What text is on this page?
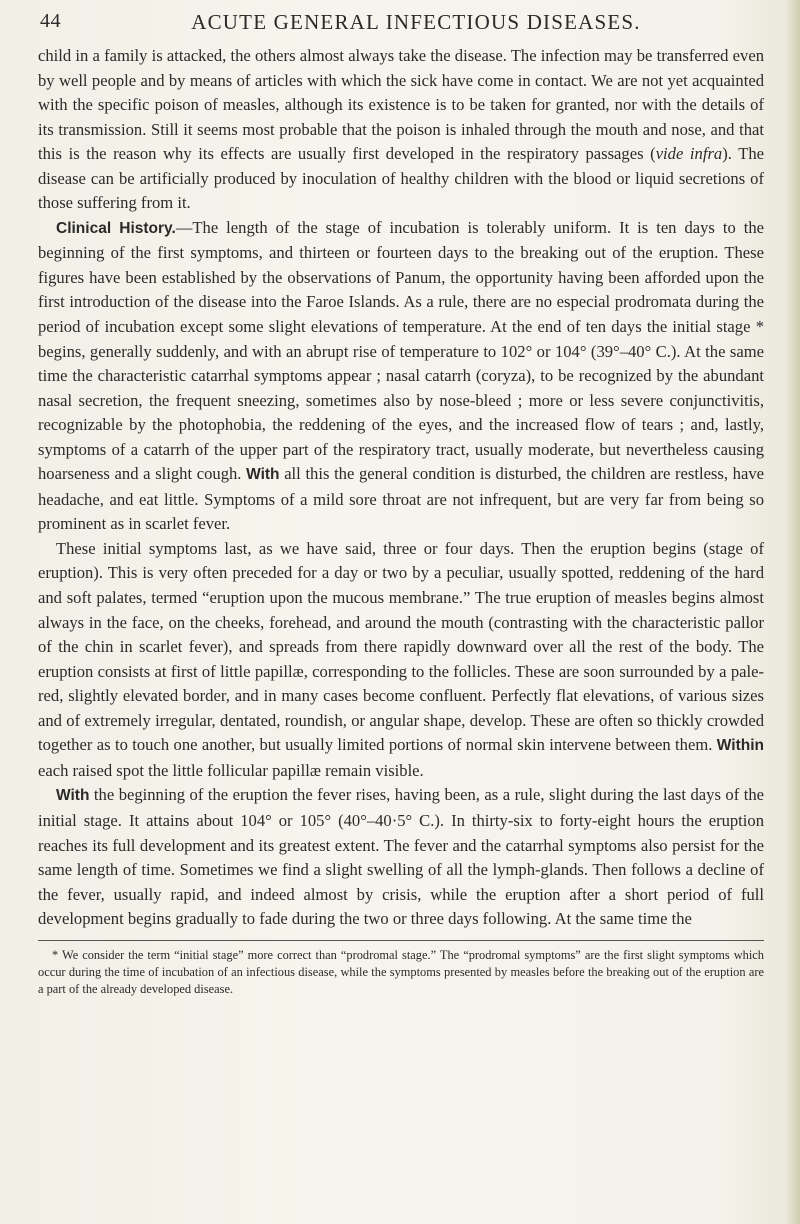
44	ACUTE GENERAL INFECTIOUS DISEASES.

child in a family is attacked, the others almost always take the disease. The infection may be transferred even by well people and by means of articles with which the sick have come in contact. We are not yet acquainted with the specific poison of measles, although its existence is to be taken for granted, nor with the details of its transmission. Still it seems most probable that the poison is inhaled through the mouth and nose, and that this is the reason why its effects are usually first developed in the respiratory passages (vide infra). The disease can be artificially produced by inoculation of healthy children with the blood or liquid secretions of those suffering from it.

Clinical History.—The length of the stage of incubation is tolerably uniform. It is ten days to the beginning of the first symptoms, and thirteen or fourteen days to the breaking out of the eruption. These figures have been established by the observations of Panum, the opportunity having been afforded upon the first introduction of the disease into the Faroe Islands. As a rule, there are no especial prodromata during the period of incubation except some slight elevations of temperature. At the end of ten days the initial stage * begins, generally suddenly, and with an abrupt rise of temperature to 102° or 104° (39°–40° C.). At the same time the characteristic catarrhal symptoms appear ; nasal catarrh (coryza), to be recognized by the abundant nasal secretion, the frequent sneezing, sometimes also by nose-bleed ; more or less severe conjunctivitis, recognizable by the photophobia, the reddening of the eyes, and the increased flow of tears ; and, lastly, symptoms of a catarrh of the upper part of the respiratory tract, usually moderate, but nevertheless causing hoarseness and a slight cough. With all this the general condition is disturbed, the children are restless, have headache, and eat little. Symptoms of a mild sore throat are not infrequent, but are very far from being so prominent as in scarlet fever.

These initial symptoms last, as we have said, three or four days. Then the eruption begins (stage of eruption). This is very often preceded for a day or two by a peculiar, usually spotted, reddening of the hard and soft palates, termed “eruption upon the mucous membrane.” The true eruption of measles begins almost always in the face, on the cheeks, forehead, and around the mouth (contrasting with the characteristic pallor of the chin in scarlet fever), and spreads from there rapidly downward over all the rest of the body. The eruption consists at first of little papillæ, corresponding to the follicles. These are soon surrounded by a pale-red, slightly elevated border, and in many cases become confluent. Perfectly flat elevations, of various sizes and of extremely irregular, dentated, roundish, or angular shape, develop. These are often so thickly crowded together as to touch one another, but usually limited portions of normal skin intervene between them. Within each raised spot the little follicular papillæ remain visible.

With the beginning of the eruption the fever rises, having been, as a rule, slight during the last days of the initial stage. It attains about 104° or 105° (40°–40·5° C.). In thirty-six to forty-eight hours the eruption reaches its full development and its greatest extent. The fever and the catarrhal symptoms also persist for the same length of time. Sometimes we find a slight swelling of all the lymph-glands. Then follows a decline of the fever, usually rapid, and indeed almost by crisis, while the eruption after a short period of full development begins gradually to fade during the two or three days following. At the same time the

* We consider the term “initial stage” more correct than “prodromal stage.” The “prodromal symptoms” are the first slight symptoms which occur during the time of incubation of an infectious disease, while the symptoms presented by measles before the breaking out of the eruption are a part of the already developed disease.
